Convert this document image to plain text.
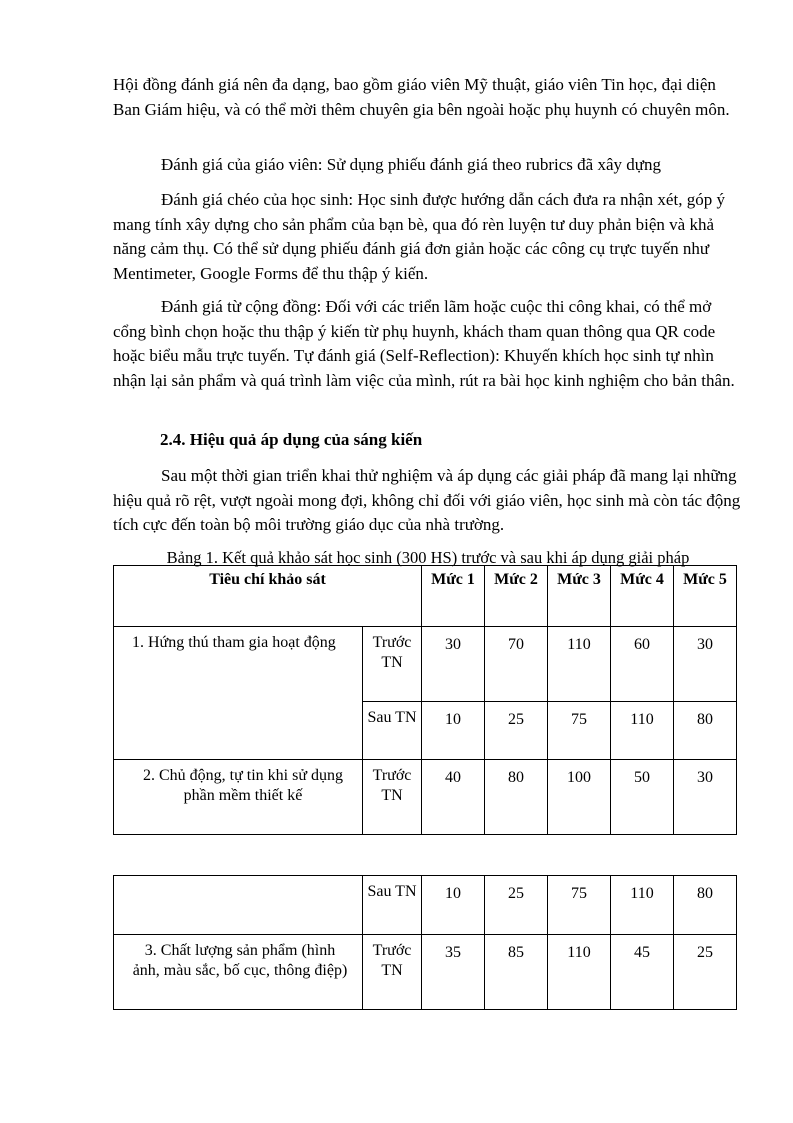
Hội đồng đánh giá nên đa dạng, bao gồm giáo viên Mỹ thuật, giáo viên Tin học, đại diện Ban Giám hiệu, và có thể mời thêm chuyên gia bên ngoài hoặc phụ huynh có chuyên môn.

Đánh giá của giáo viên: Sử dụng phiếu đánh giá theo rubrics đã xây dựng

Đánh giá chéo của học sinh: Học sinh được hướng dẫn cách đưa ra nhận xét, góp ý mang tính xây dựng cho sản phẩm của bạn bè, qua đó rèn luyện tư duy phản biện và khả năng cảm thụ. Có thể sử dụng phiếu đánh giá đơn giản hoặc các công cụ trực tuyến như Mentimeter, Google Forms để thu thập ý kiến.

Đánh giá từ cộng đồng: Đối với các triển lãm hoặc cuộc thi công khai, có thể mở cổng bình chọn hoặc thu thập ý kiến từ phụ huynh, khách tham quan thông qua QR code hoặc biểu mẫu trực tuyến. Tự đánh giá (Self-Reflection): Khuyến khích học sinh tự nhìn nhận lại sản phẩm và quá trình làm việc của mình, rút ra bài học kinh nghiệm cho bản thân.

2.4. Hiệu quả áp dụng của sáng kiến

Sau một thời gian triển khai thử nghiệm và áp dụng các giải pháp đã mang lại những hiệu quả rõ rệt, vượt ngoài mong đợi, không chỉ đối với giáo viên, học sinh mà còn tác động tích cực đến toàn bộ môi trường giáo dục của nhà trường.

Bảng 1. Kết quả khảo sát học sinh (300 HS) trước và sau khi áp dụng giải pháp

Tiêu chí khảo sát		Mức 1	Mức 2	Mức 3	Mức 4	Mức 5
1. Hứng thú tham gia hoạt động	Trước TN	30	70	110	60	30
	Sau TN	10	25	75	110	80
2. Chủ động, tự tin khi sử dụng phần mềm thiết kế	Trước TN	40	80	100	50	30
	Sau TN	10	25	75	110	80
3. Chất lượng sản phẩm (hình ảnh, màu sắc, bố cục, thông điệp)	Trước TN	35	85	110	45	25
